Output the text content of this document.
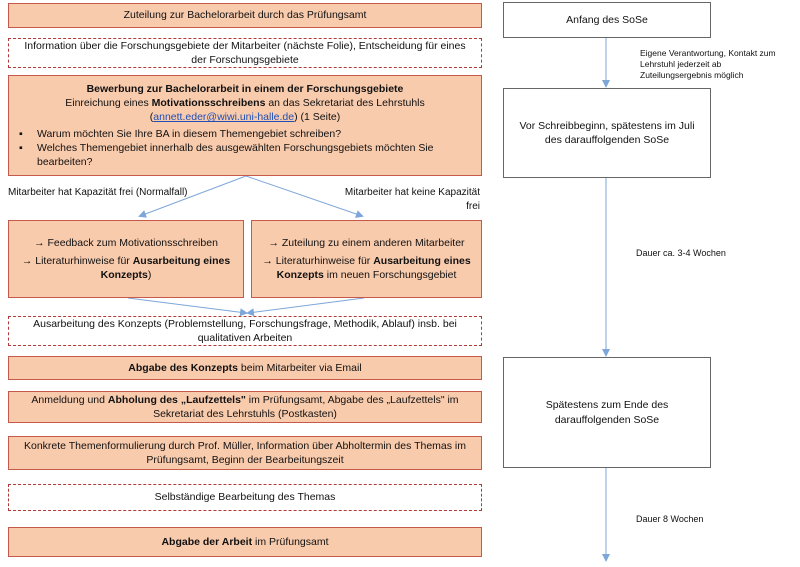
Zuteilung zur Bachelorarbeit durch das Prüfungsamt
Information über die Forschungsgebiete der Mitarbeiter (nächste Folie), Entscheidung für eines der Forschungsgebiete
Bewerbung zur Bachelorarbeit in einem der Forschungsgebiete
Einreichung eines Motivationsschreibens an das Sekretariat des Lehrstuhls
(annett.eder@wiwi.uni-halle.de) (1 Seite)
▪ Warum möchten Sie Ihre BA in diesem Themengebiet schreiben?
▪ Welches Themengebiet innerhalb des ausgewählten Forschungsgebiets möchten Sie bearbeiten?
Mitarbeiter hat Kapazität frei (Normalfall)	Mitarbeiter hat keine Kapazität frei
→ Feedback zum Motivationsschreiben
→ Literaturhinweise für Ausarbeitung eines Konzepts)
→ Zuteilung zu einem anderen Mitarbeiter
→ Literaturhinweise für Ausarbeitung eines Konzepts im neuen Forschungsgebiet
Ausarbeitung des Konzepts (Problemstellung, Forschungsfrage, Methodik, Ablauf) insb. bei qualitativen Arbeiten
Abgabe des Konzepts beim Mitarbeiter via Email
Anmeldung und Abholung des „Laufzettels" im Prüfungsamt, Abgabe des „Laufzettels" im Sekretariat des Lehrstuhls (Postkasten)
Konkrete Themenformulierung durch Prof. Müller, Information über Abholtermin des Themas im Prüfungsamt, Beginn der Bearbeitungszeit
Selbständige Bearbeitung des Themas
Abgabe der Arbeit im Prüfungsamt
Anfang des SoSe
Eigene Verantwortung, Kontakt zum Lehrstuhl jederzeit ab Zuteilungsergebnis möglich
Vor Schreibbeginn, spätestens im Juli des darauffolgenden SoSe
Dauer ca. 3-4 Wochen
Spätestens zum Ende des darauffolgenden SoSe
Dauer 8 Wochen
